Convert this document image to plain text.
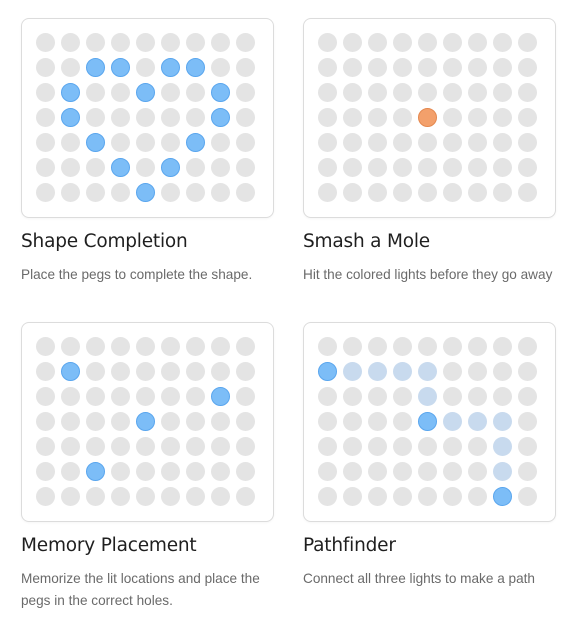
Shape Completion
Place the pegs to complete the shape.
Smash a Mole
Hit the colored lights before they go away
Memory Placement
Memorize the lit locations and place the pegs in the correct holes.
Pathfinder
Connect all three lights to make a path
